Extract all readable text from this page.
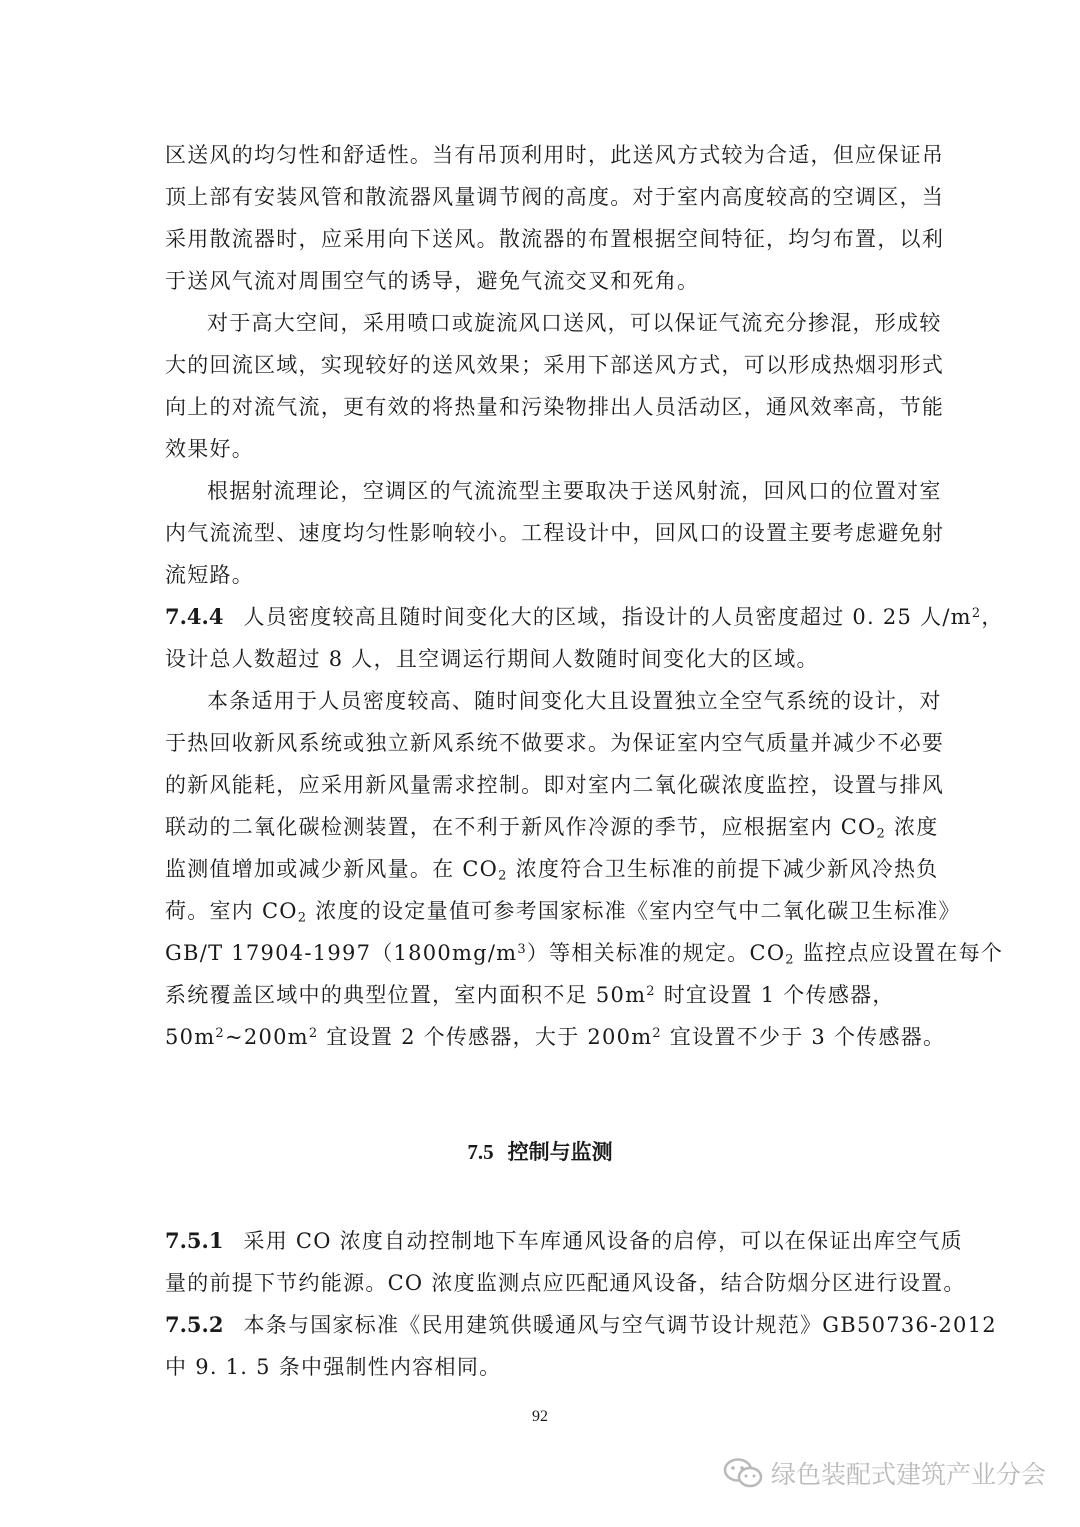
区送风的均匀性和舒适性。当有吊顶利用时，此送风方式较为合适，但应保证吊
顶上部有安装风管和散流器风量调节阀的高度。对于室内高度较高的空调区，当
采用散流器时，应采用向下送风。散流器的布置根据空间特征，均匀布置，以利
于送风气流对周围空气的诱导，避免气流交叉和死角。
对于高大空间，采用喷口或旋流风口送风，可以保证气流充分掺混，形成较
大的回流区域，实现较好的送风效果；采用下部送风方式，可以形成热烟羽形式
向上的对流气流，更有效的将热量和污染物排出人员活动区，通风效率高，节能
效果好。
根据射流理论，空调区的气流流型主要取决于送风射流，回风口的位置对室
内气流流型、速度均匀性影响较小。工程设计中，回风口的设置主要考虑避免射
流短路。
7.4.4 人员密度较高且随时间变化大的区域，指设计的人员密度超过 0. 25 人$/m^2$，
设计总人数超过 8 人，且空调运行期间人数随时间变化大的区域。
本条适用于人员密度较高、随时间变化大且设置独立全空气系统的设计，对
于热回收新风系统或独立新风系统不做要求。为保证室内空气质量并减少不必要
的新风能耗，应采用新风量需求控制。即对室内二氧化碳浓度监控，设置与排风
联动的二氧化碳检测装置，在不利于新风作冷源的季节，应根据室内 $CO_2$ 浓度
监测值增加或减少新风量。在 $CO_2$ 浓度符合卫生标准的前提下减少新风冷热负
荷。室内 $CO_2$ 浓度的设定量值可参考国家标准《室内空气中二氧化碳卫生标准》
GB/T $17904-1997(1800mg/m^3)$等相关标准的规定。$CO_2$ 监控点应设置在每个
系统覆盖区域中的典型位置，室内面积不足 $50m^2$ 时宜设置 1 个传感器，
$50m^2\sim 200m^2$ 宜设置 2 个传感器，大于 $200m^2$ 宜设置不少于 3 个传感器。
7.5 控制与监测
7.5.1 采用 CO 浓度自动控制地下车库通风设备的启停，可以在保证出库空气质
量的前提下节约能源。CO 浓度监测点应匹配通风设备，结合防烟分区进行设置。
7.5.2 本条与国家标准《民用建筑供暖通风与空气调节设计规范》GB50736-2012
中 9. 1. 5 条中强制性内容相同。
92
绿色装配式建筑产业分会
